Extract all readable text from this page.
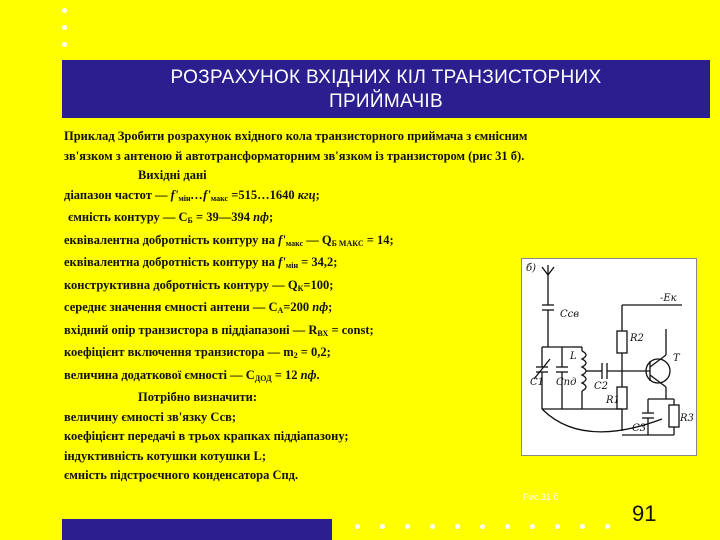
РОЗРАХУНОК ВХІДНИХ КІЛ ТРАНЗИСТОРНИХ
ПРИЙМАЧІВ
Приклад Зробити розрахунок вхідного кола транзисторного приймача з ємнісним
зв'язком з антеною й автотрансформаторним зв'язком із транзистором (рис 31 б).
Вихідні дані
діапазон частот — $f'_{мін}\dots f'_{макс}$ =515…1640 кгц;
ємність контуру — $С_Б$ = 39—394 пф;
еквівалентна добротність контуру на $f'_{макс}$ — $Q_{Б МАКС} = 14$;
еквівалентна добротність контуру на $f'_{мін} = 34,2$;
конструктивна добротність контуру — $Q_К=100$;
середнє значення ємності антени — $С_А=200$ пф;
вхідний опір транзистора в піддіапазоні — $R_{ВХ}$ = const;
коефіцієнт включення транзистора — $m_2 = 0,2$;
величина додаткової ємності — $С_{ДОД} = 12$ пф.
Потрібно визначити:
величину ємності зв'язку Ссв;
коефіцієнт передачі в трьох крапках піддіапазону;
індуктивність котушки котушки L;
ємність підстроєчного конденсатора Спд.
б)
Ссв
-Eк
R2
L	T
C1 Cпд C2
R1
C3
R3
Рис.31 б
91
